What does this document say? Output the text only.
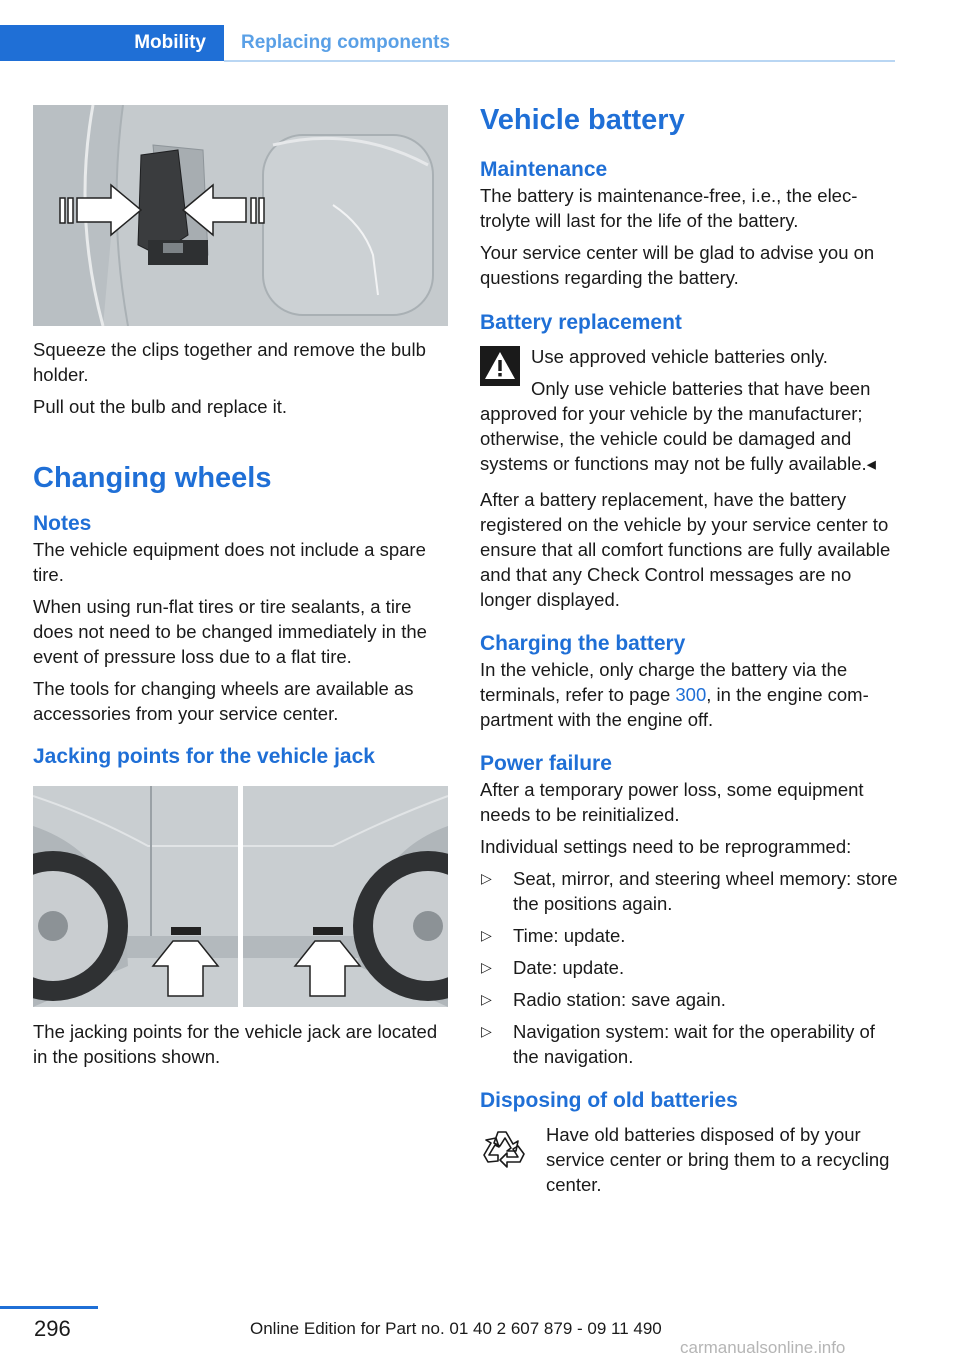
Mobility	Replacing components

Squeeze the clips together and remove the bulb holder.

Pull out the bulb and replace it.

Changing wheels
Notes

The vehicle equipment does not include a spare tire.

When using run-flat tires or tire sealants, a tire does not need to be changed immediately in the event of pressure loss due to a flat tire.

The tools for changing wheels are available as accessories from your service center.

Jacking points for the vehicle jack

The jacking points for the vehicle jack are located in the positions shown.

Vehicle battery
Maintenance

The battery is maintenance-free, i.e., the electrolyte will last for the life of the battery.

Your service center will be glad to advise you on questions regarding the battery.

Battery replacement

Use approved vehicle batteries only.

Only use vehicle batteries that have been approved for your vehicle by the manufacturer; otherwise, the vehicle could be damaged and systems or functions may not be fully available.◂

After a battery replacement, have the battery registered on the vehicle by your service center to ensure that all comfort functions are fully available and that any Check Control messages are no longer displayed.

Charging the battery

In the vehicle, only charge the battery via the terminals, refer to page 300, in the engine compartment with the engine off.

Power failure

After a temporary power loss, some equipment needs to be reinitialized.

Individual settings need to be reprogrammed:

▷ Seat, mirror, and steering wheel memory: store the positions again.
▷ Time: update.
▷ Date: update.
▷ Radio station: save again.
▷ Navigation system: wait for the operability of the navigation.
Disposing of old batteries

Have old batteries disposed of by your service center or bring them to a recycling center.

296	Online Edition for Part no. 01 40 2 607 879 - 09 11 490
carmanualsonline.info
